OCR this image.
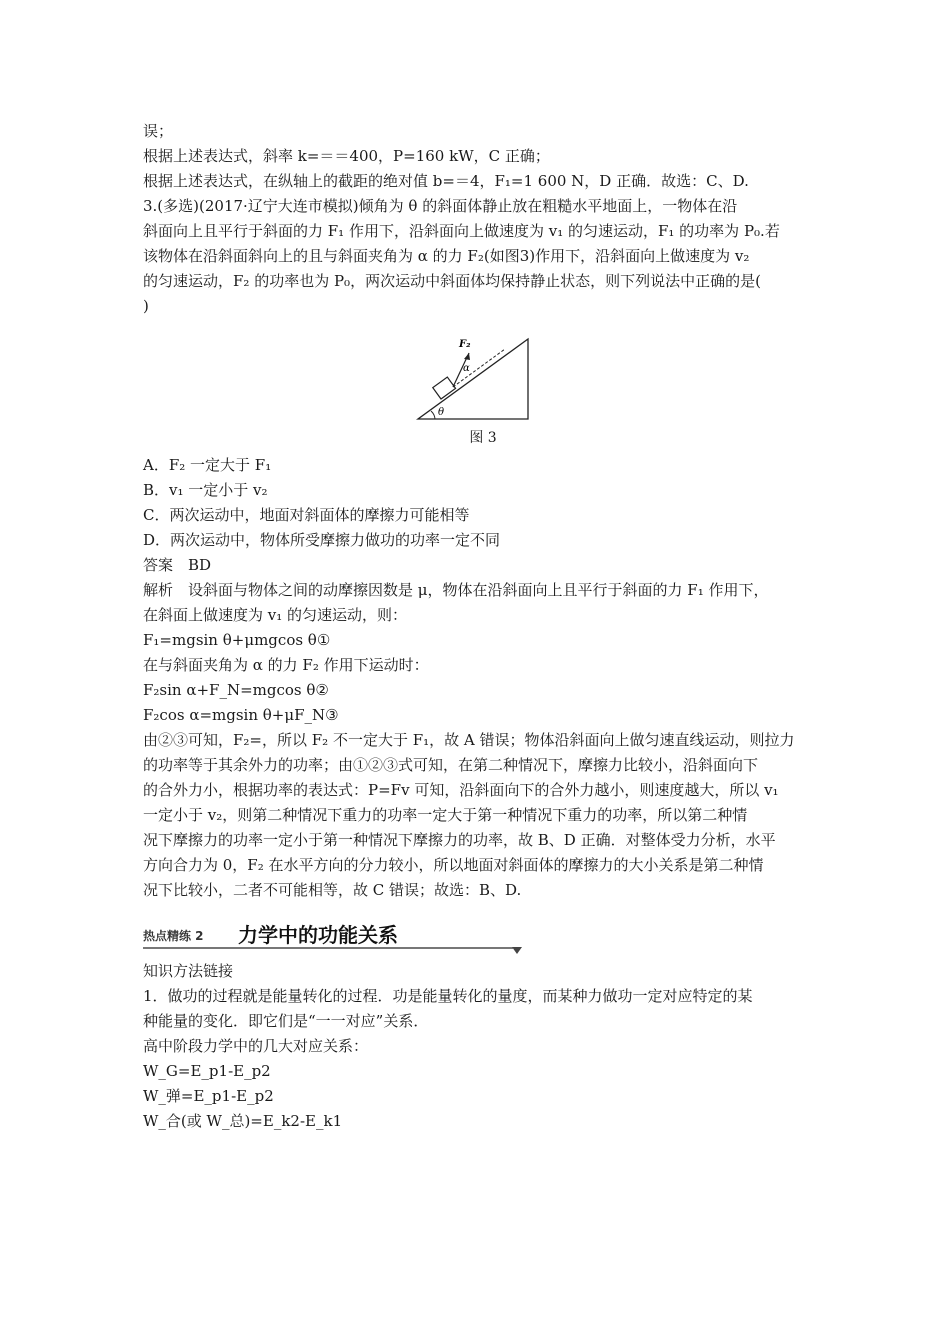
误；
根据上述表达式，斜率 k=＝＝400，P=160 kW，C 正确；
根据上述表达式，在纵轴上的截距的绝对值 b=＝4，F₁=1 600 N，D 正确．故选：C、D.
3.(多选)(2017·辽宁大连市模拟)倾角为 θ 的斜面体静止放在粗糙水平地面上，一物体在沿
斜面向上且平行于斜面的力 F₁ 作用下，沿斜面向上做速度为 v₁ 的匀速运动，F₁ 的功率为 P₀.若
该物体在沿斜面斜向上的且与斜面夹角为 α 的力 F₂(如图3)作用下，沿斜面向上做速度为 v₂
的匀速运动，F₂ 的功率也为 P₀，两次运动中斜面体均保持静止状态，则下列说法中正确的是(
)
F₂
α
θ
图 3
A．F₂ 一定大于 F₁
B．v₁ 一定小于 v₂
C．两次运动中，地面对斜面体的摩擦力可能相等
D．两次运动中，物体所受摩擦力做功的功率一定不同
答案　BD
解析　设斜面与物体之间的动摩擦因数是 μ，物体在沿斜面向上且平行于斜面的力 F₁ 作用下，
在斜面上做速度为 v₁ 的匀速运动，则：
F₁=mgsin θ+μmgcos θ①
在与斜面夹角为 α 的力 F₂ 作用下运动时：
F₂sin α+F_N=mgcos θ②
F₂cos α=mgsin θ+μF_N③
由②③可知，F₂=，所以 F₂ 不一定大于 F₁，故 A 错误；物体沿斜面向上做匀速直线运动，则拉力
的功率等于其余外力的功率；由①②③式可知，在第二种情况下，摩擦力比较小，沿斜面向下
的合外力小，根据功率的表达式：P=Fv 可知，沿斜面向下的合外力越小，则速度越大，所以 v₁
一定小于 v₂，则第二种情况下重力的功率一定大于第一种情况下重力的功率，所以第二种情
况下摩擦力的功率一定小于第一种情况下摩擦力的功率，故 B、D 正确．对整体受力分析，水平
方向合力为 0，F₂ 在水平方向的分力较小，所以地面对斜面体的摩擦力的大小关系是第二种情
况下比较小，二者不可能相等，故 C 错误；故选：B、D.
热点精练 2 力学中的功能关系
知识方法链接
1．做功的过程就是能量转化的过程．功是能量转化的量度，而某种力做功一定对应特定的某
种能量的变化．即它们是“一一对应”关系．
高中阶段力学中的几大对应关系：
W_G=E_p1-E_p2
W_弹=E_p1-E_p2
W_合(或 W_总)=E_k2-E_k1
